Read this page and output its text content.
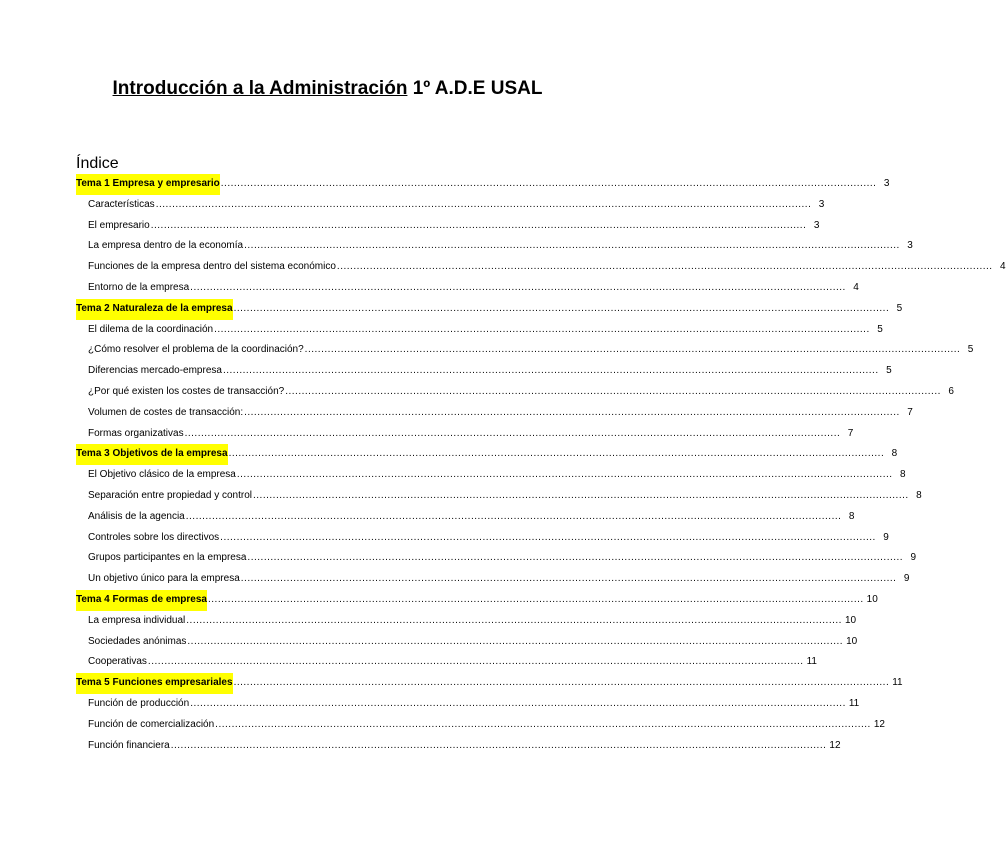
Introducción a la Administración 1º A.D.E USAL
Índice
Tema 1 Empresa y empresario ........................................................................................................................................................................................................ 3
Características ........................................................................................................................................................................................................ 3
El empresario ........................................................................................................................................................................................................ 3
La empresa dentro de la economía ........................................................................................................................................................................................................ 3
Funciones de la empresa dentro del sistema económico ........................................................................................................................................................................................................ 4
Entorno de la empresa ........................................................................................................................................................................................................ 4
Tema 2 Naturaleza de la empresa ........................................................................................................................................................................................................ 5
El dilema de la coordinación ........................................................................................................................................................................................................ 5
¿Cómo resolver el problema de la coordinación? ........................................................................................................................................................................................................ 5
Diferencias mercado-empresa ........................................................................................................................................................................................................ 5
¿Por qué existen los costes de transacción? ........................................................................................................................................................................................................ 6
Volumen de costes de transacción: ........................................................................................................................................................................................................ 7
Formas organizativas ........................................................................................................................................................................................................ 7
Tema 3 Objetivos de la empresa ........................................................................................................................................................................................................ 8
El Objetivo clásico de la empresa ........................................................................................................................................................................................................ 8
Separación entre propiedad y control ........................................................................................................................................................................................................ 8
Análisis de la agencia ........................................................................................................................................................................................................ 8
Controles sobre los directivos ........................................................................................................................................................................................................ 9
Grupos participantes en la empresa ........................................................................................................................................................................................................ 9
Un objetivo único para la empresa ........................................................................................................................................................................................................ 9
Tema 4 Formas de empresa ........................................................................................................................................................................................................ 10
La empresa individual ........................................................................................................................................................................................................ 10
Sociedades anónimas ........................................................................................................................................................................................................ 10
Cooperativas ........................................................................................................................................................................................................ 11
Tema 5 Funciones empresariales ........................................................................................................................................................................................................ 11
Función de producción ........................................................................................................................................................................................................ 11
Función de comercialización ........................................................................................................................................................................................................ 12
Función financiera ........................................................................................................................................................................................................ 12
